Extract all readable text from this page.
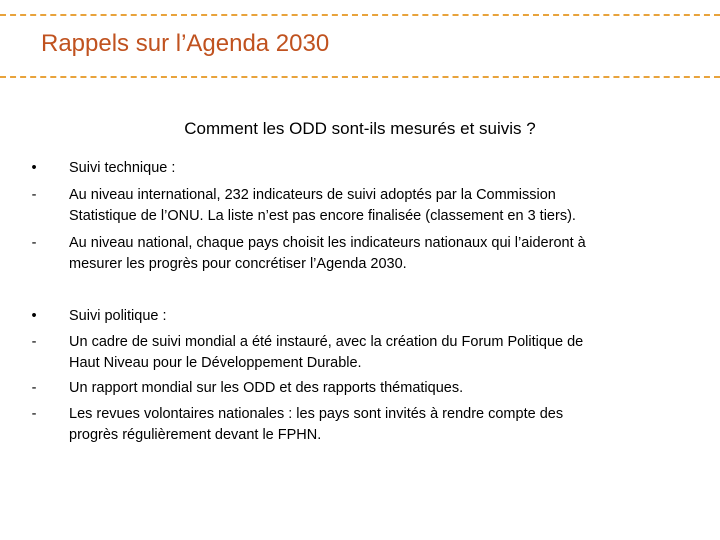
Rappels sur l’Agenda 2030
Comment les ODD sont-ils mesurés et suivis ?
• Suivi technique :
- Au niveau international, 232 indicateurs de suivi adoptés par la Commission
Statistique de l’ONU. La liste n’est pas encore finalisée (classement en 3 tiers).
- Au niveau national, chaque pays choisit les indicateurs nationaux qui l’aideront à
mesurer les progrès pour concrétiser l’Agenda 2030.
• Suivi politique :
- Un cadre de suivi mondial a été instauré, avec la création du Forum Politique de
Haut Niveau pour le Développement Durable.
- Un rapport mondial sur les ODD et des rapports thématiques.
- Les revues volontaires nationales : les pays sont invités à rendre compte des
progrès régulièrement devant le FPHN.
